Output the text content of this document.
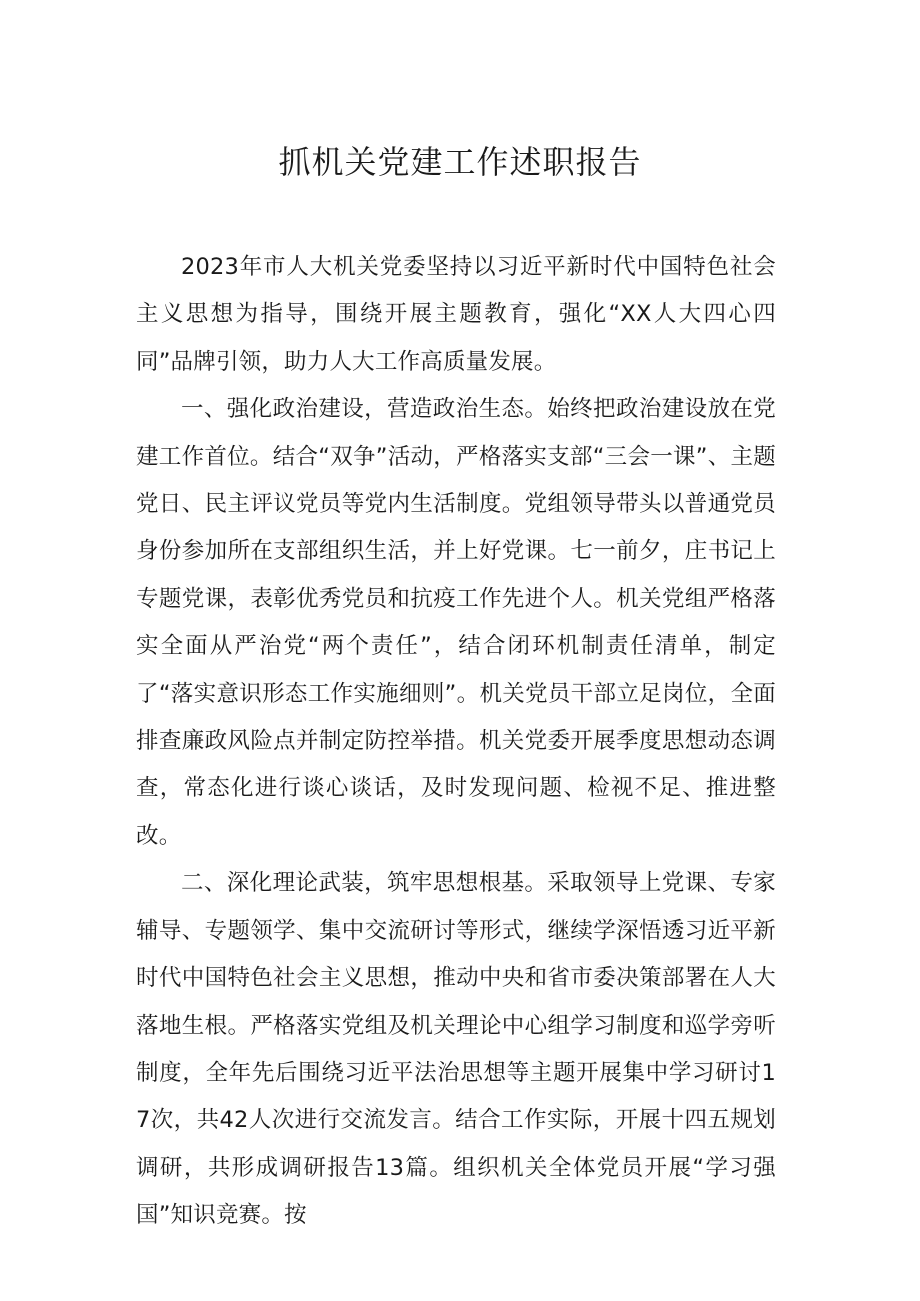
抓机关党建工作述职报告

2023年市人大机关党委坚持以习近平新时代中国特色社会主义思想为指导，围绕开展主题教育，强化“XX人大四心四同”品牌引领，助力人大工作高质量发展。

一、强化政治建设，营造政治生态。始终把政治建设放在党建工作首位。结合“双争”活动，严格落实支部“三会一课”、主题党日、民主评议党员等党内生活制度。党组领导带头以普通党员身份参加所在支部组织生活，并上好党课。七一前夕，庄书记上专题党课，表彰优秀党员和抗疫工作先进个人。机关党组严格落实全面从严治党“两个责任”，结合闭环机制责任清单，制定了“落实意识形态工作实施细则”。机关党员干部立足岗位，全面排查廉政风险点并制定防控举措。机关党委开展季度思想动态调查，常态化进行谈心谈话，及时发现问题、检视不足、推进整改。

二、深化理论武装，筑牢思想根基。采取领导上党课、专家辅导、专题领学、集中交流研讨等形式，继续学深悟透习近平新时代中国特色社会主义思想，推动中央和省市委决策部署在人大落地生根。严格落实党组及机关理论中心组学习制度和巡学旁听制度，全年先后围绕习近平法治思想等主题开展集中学习研讨17次，共42人次进行交流发言。结合工作实际，开展十四五规划调研，共形成调研报告13篇。组织机关全体党员开展“学习强国”知识竞赛。按
